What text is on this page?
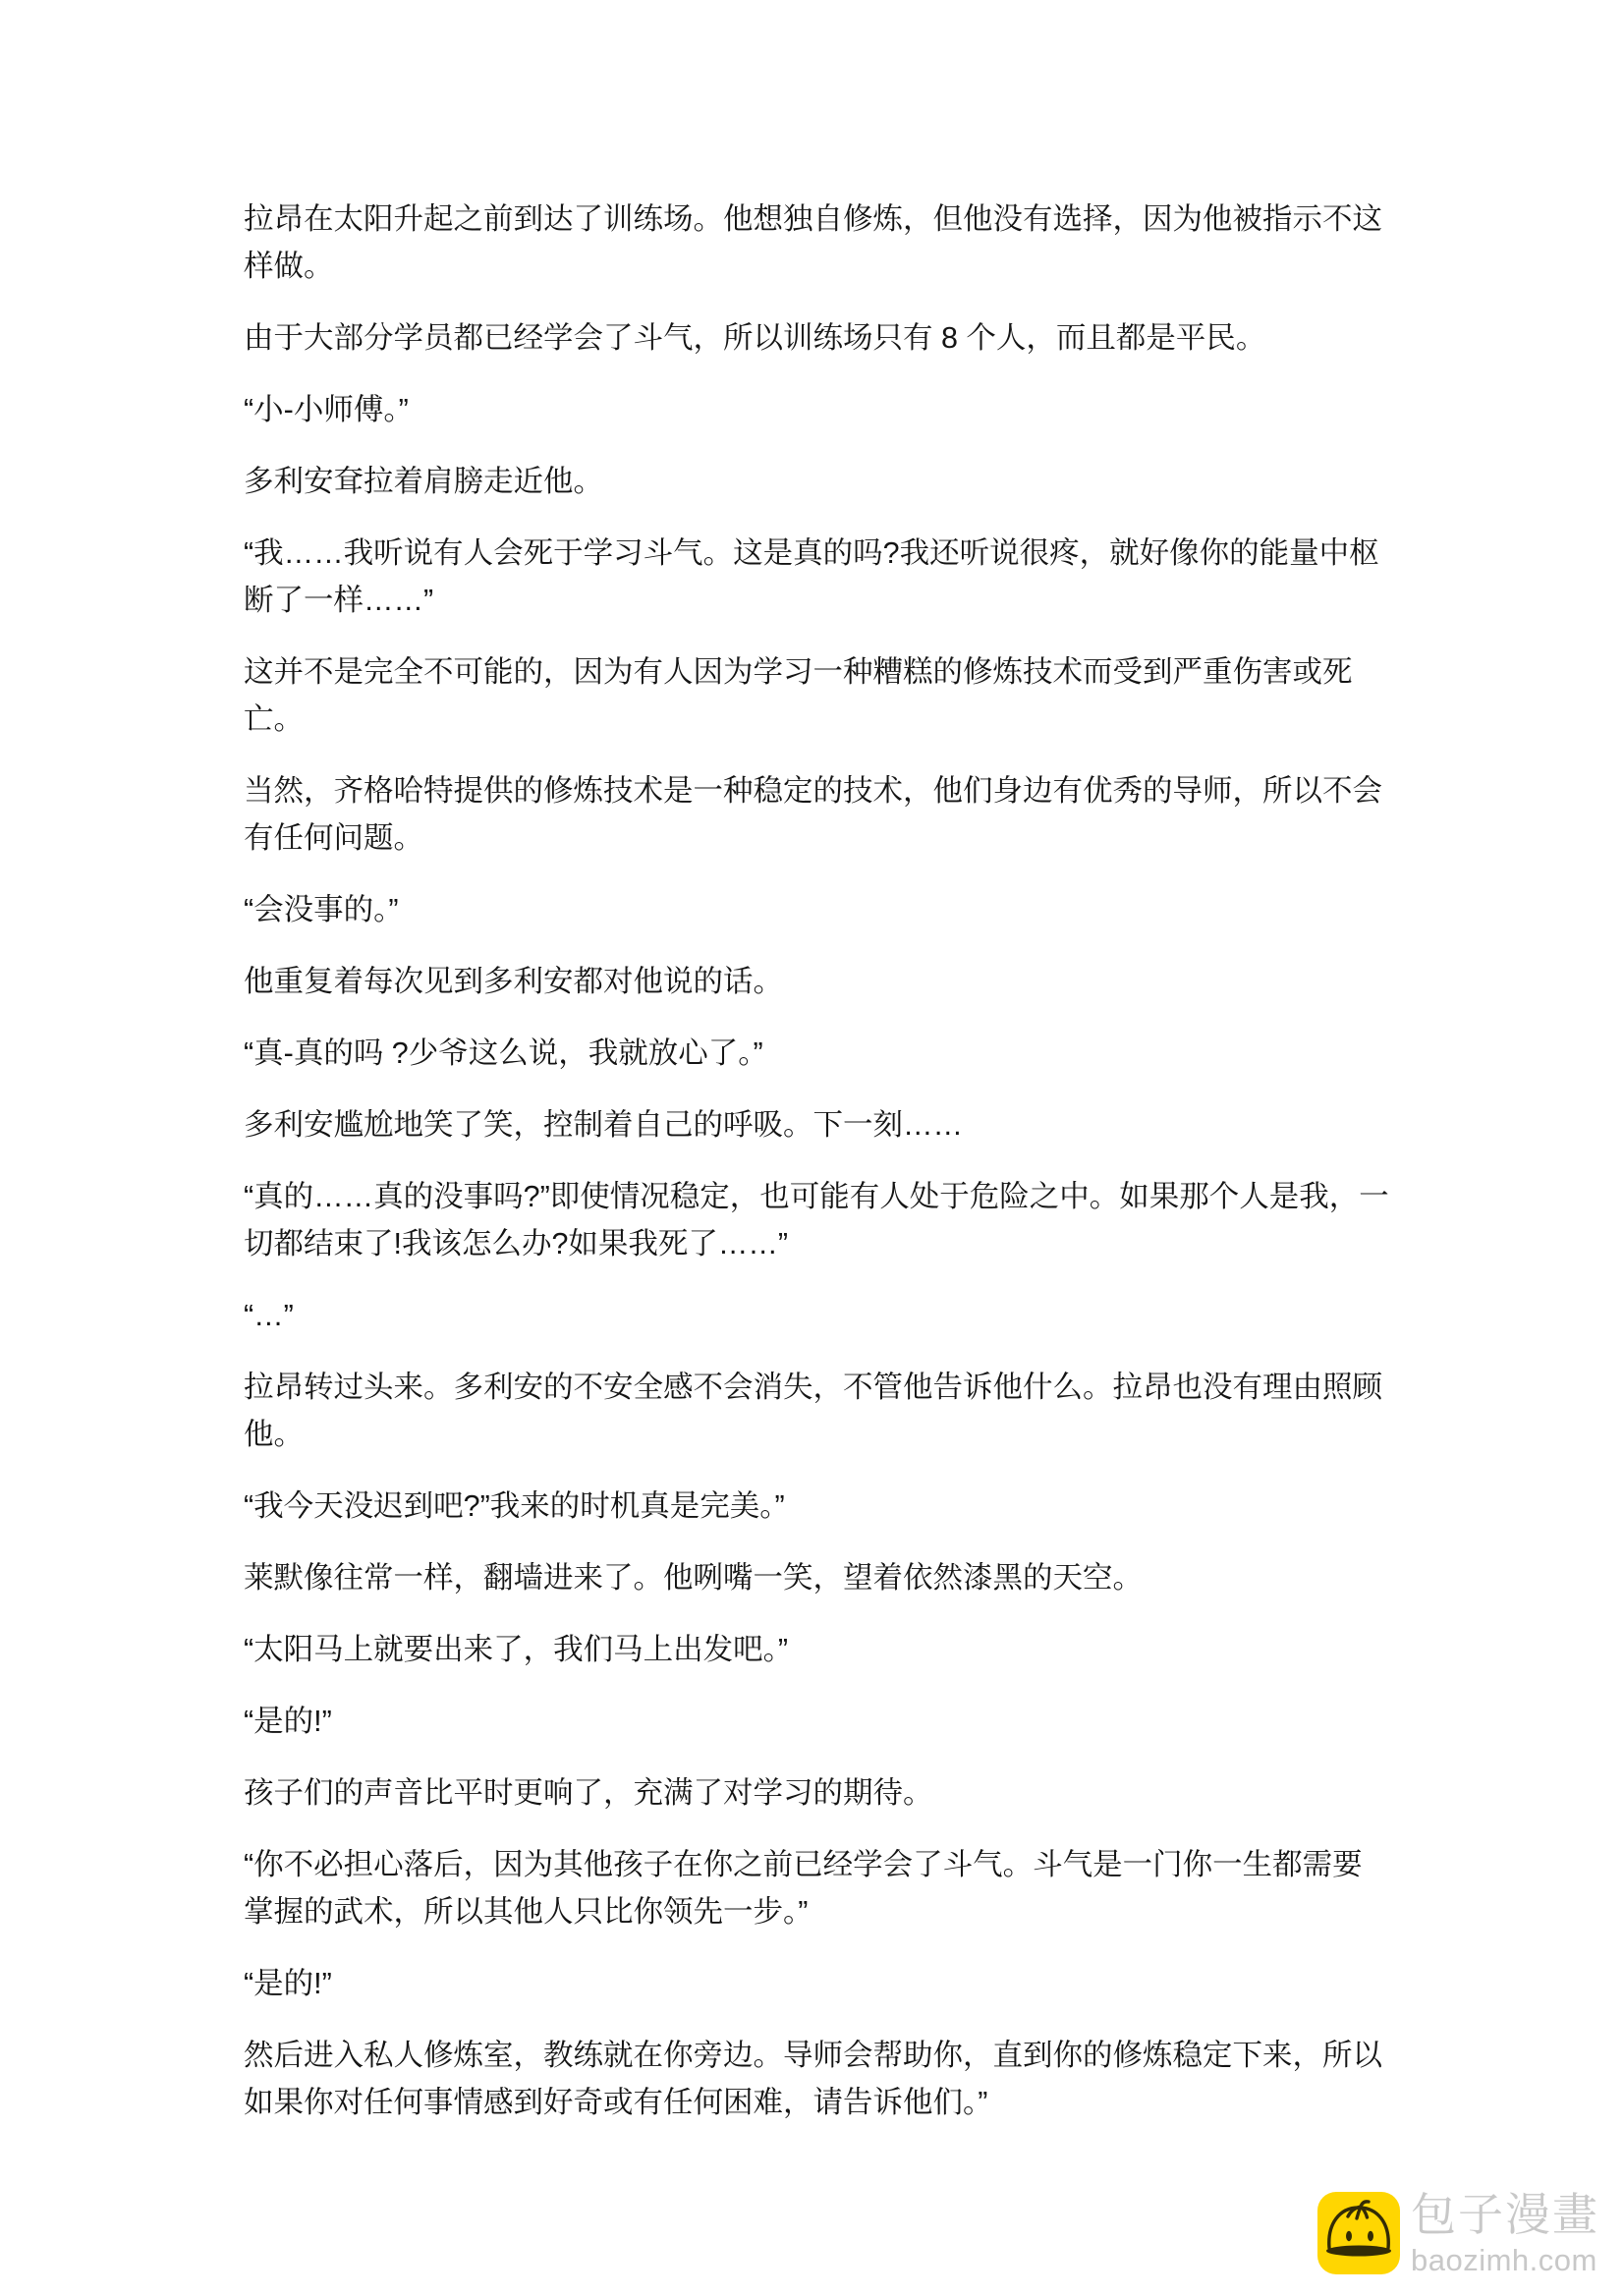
拉昂在太阳升起之前到达了训练场。他想独自修炼，但他没有选择，因为他被指示不这样做。

由于大部分学员都已经学会了斗气，所以训练场只有 8 个人，而且都是平民。

“小-小师傅。”

多利安耷拉着肩膀走近他。

“我……我听说有人会死于学习斗气。这是真的吗?我还听说很疼，就好像你的能量中枢断了一样……”

这并不是完全不可能的，因为有人因为学习一种糟糕的修炼技术而受到严重伤害或死亡。

当然，齐格哈特提供的修炼技术是一种稳定的技术，他们身边有优秀的导师，所以不会有任何问题。

“会没事的。”

他重复着每次见到多利安都对他说的话。

“真-真的吗 ?少爷这么说，我就放心了。”

多利安尴尬地笑了笑，控制着自己的呼吸。下一刻……

“真的……真的没事吗?”即使情况稳定，也可能有人处于危险之中。如果那个人是我，一切都结束了!我该怎么办?如果我死了……”

“…”

拉昂转过头来。多利安的不安全感不会消失，不管他告诉他什么。拉昂也没有理由照顾他。

“我今天没迟到吧?”我来的时机真是完美。”

莱默像往常一样，翻墙进来了。他咧嘴一笑，望着依然漆黑的天空。

“太阳马上就要出来了，我们马上出发吧。”

“是的!”

孩子们的声音比平时更响了，充满了对学习的期待。

“你不必担心落后，因为其他孩子在你之前已经学会了斗气。斗气是一门你一生都需要掌握的武术，所以其他人只比你领先一步。”

“是的!”

然后进入私人修炼室，教练就在你旁边。导师会帮助你，直到你的修炼稳定下来，所以如果你对任何事情感到好奇或有任何困难，请告诉他们。”

包子漫畫
baozimh.com
